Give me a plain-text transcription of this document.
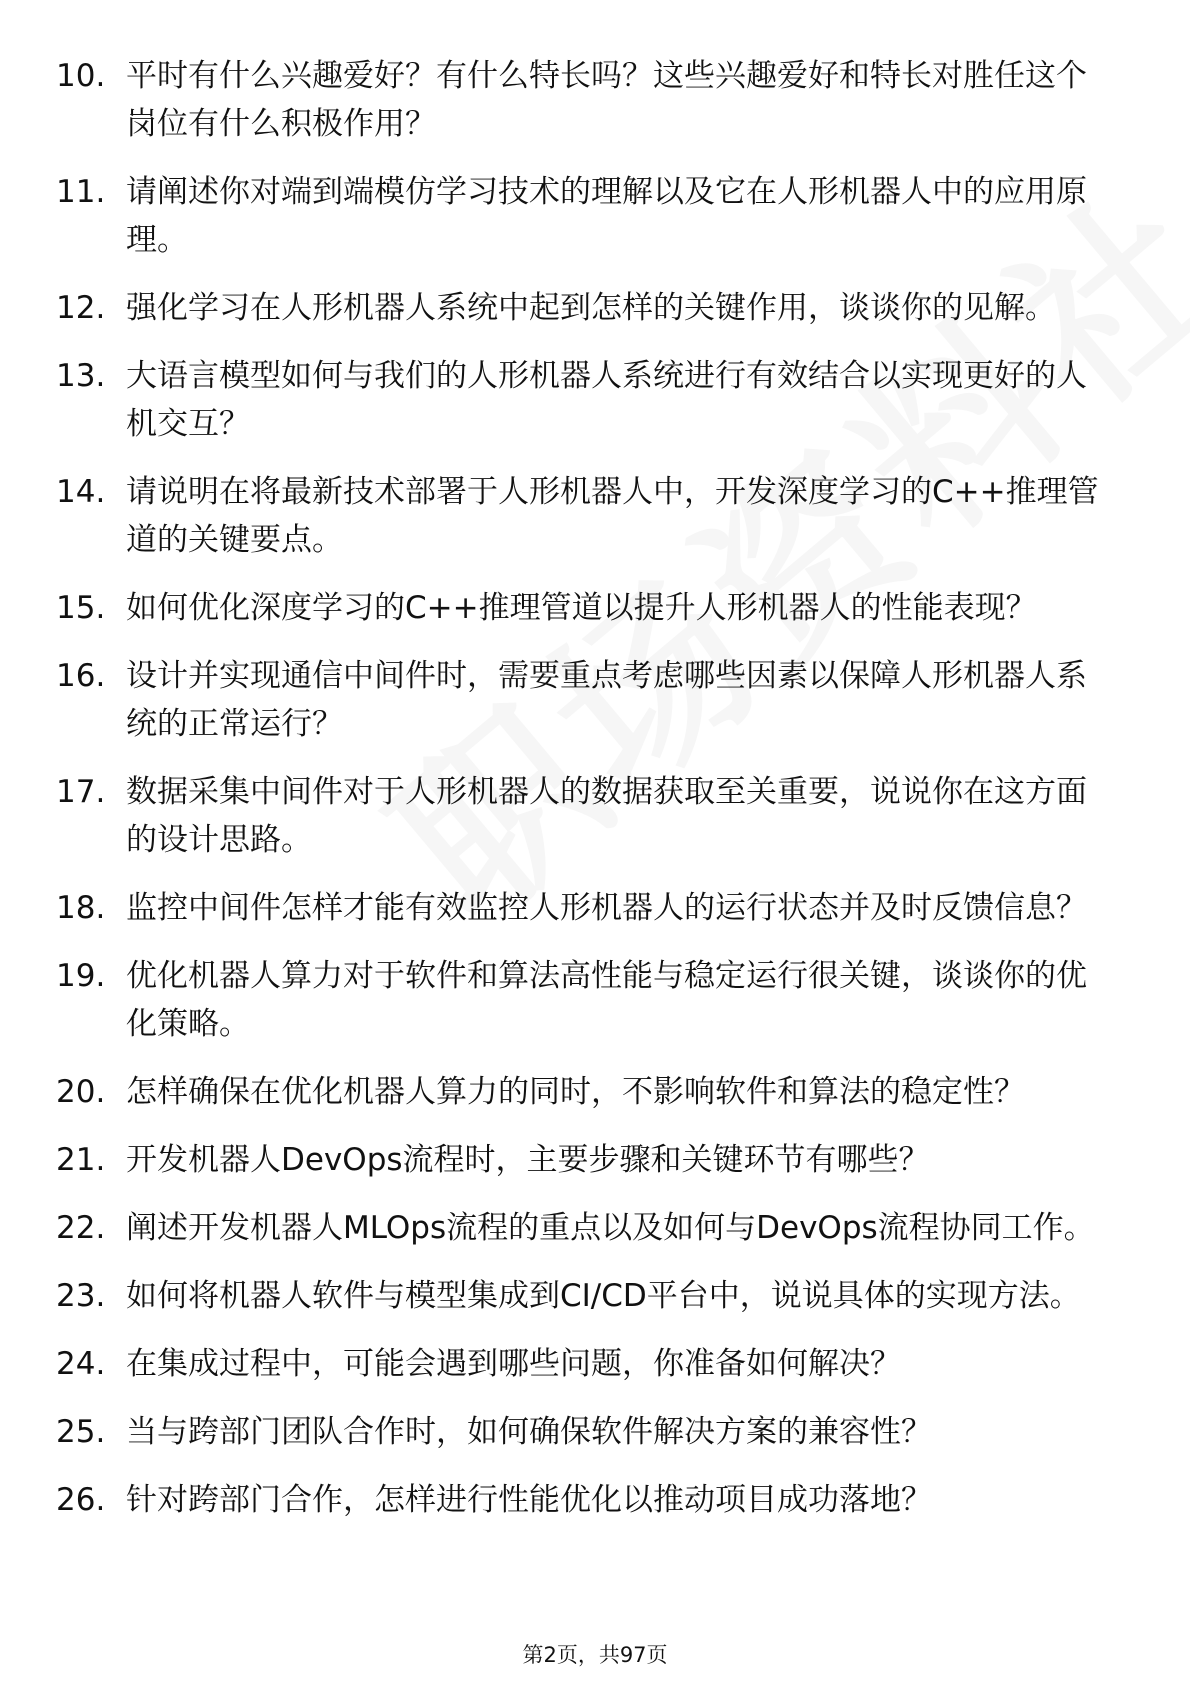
10. 平时有什么兴趣爱好？有什么特长吗？这些兴趣爱好和特长对胜任这个岗位有什么积极作用？
11. 请阐述你对端到端模仿学习技术的理解以及它在人形机器人中的应用原理。
12. 强化学习在人形机器人系统中起到怎样的关键作用，谈谈你的见解。
13. 大语言模型如何与我们的人形机器人系统进行有效结合以实现更好的人机交互？
14. 请说明在将最新技术部署于人形机器人中，开发深度学习的C++推理管道的关键要点。
15. 如何优化深度学习的C++推理管道以提升人形机器人的性能表现？
16. 设计并实现通信中间件时，需要重点考虑哪些因素以保障人形机器人系统的正常运行？
17. 数据采集中间件对于人形机器人的数据获取至关重要，说说你在这方面的设计思路。
18. 监控中间件怎样才能有效监控人形机器人的运行状态并及时反馈信息？
19. 优化机器人算力对于软件和算法高性能与稳定运行很关键，谈谈你的优化策略。
20. 怎样确保在优化机器人算力的同时，不影响软件和算法的稳定性？
21. 开发机器人DevOps流程时，主要步骤和关键环节有哪些？
22. 阐述开发机器人MLOps流程的重点以及如何与DevOps流程协同工作。
23. 如何将机器人软件与模型集成到CI/CD平台中，说说具体的实现方法。
24. 在集成过程中，可能会遇到哪些问题，你准备如何解决？
25. 当与跨部门团队合作时，如何确保软件解决方案的兼容性？
26. 针对跨部门合作，怎样进行性能优化以推动项目成功落地？
第2页，共97页
